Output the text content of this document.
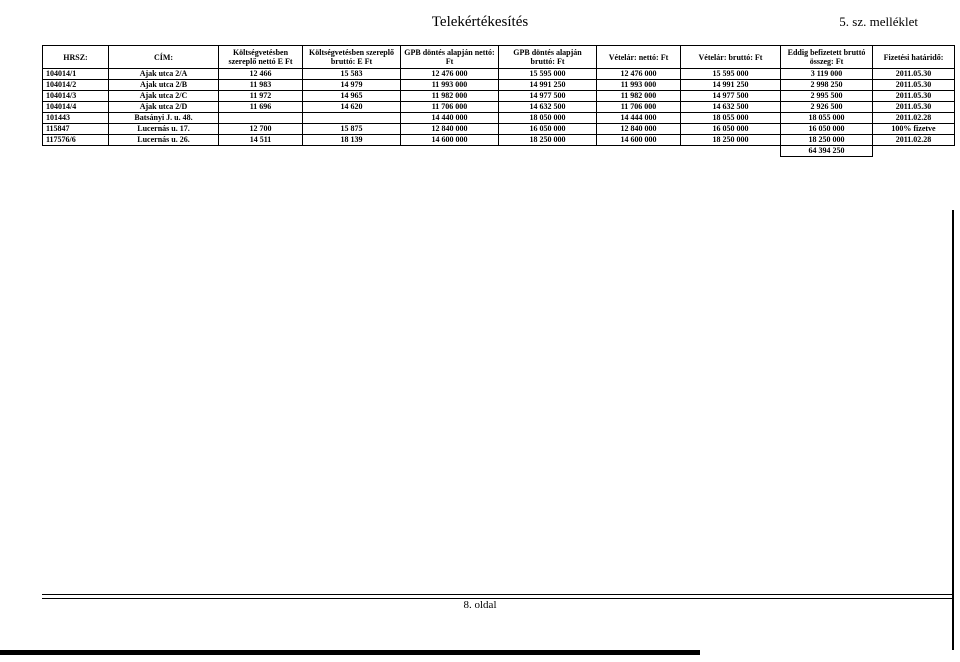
Telekértékesítés	5. sz. melléklet
HRSZ:	CÍM:	Költségvetésben szereplő nettó E Ft	Költségvetésben szereplő bruttó: E Ft	GPB döntés alapján nettó: Ft	GPB döntés alapján bruttó: Ft	Vételár: nettó: Ft	Vételár: bruttó: Ft	Eddig befizetett bruttó összeg: Ft	Fizetési határidő:
104014/1	Ajak utca 2/A	12 466	15 583	12 476 000	15 595 000	12 476 000	15 595 000	3 119 000	2011.05.30
104014/2	Ajak utca 2/B	11 983	14 979	11 993 000	14 991 250	11 993 000	14 991 250	2 998 250	2011.05.30
104014/3	Ajak utca 2/C	11 972	14 965	11 982 000	14 977 500	11 982 000	14 977 500	2 995 500	2011.05.30
104014/4	Ajak utca 2/D	11 696	14 620	11 706 000	14 632 500	11 706 000	14 632 500	2 926 500	2011.05.30
101443	Batsányi J. u. 48.			14 440 000	18 050 000	14 444 000	18 055 000	18 055 000	2011.02.28
115847	Lucernás u. 17.	12 700	15 875	12 840 000	16 050 000	12 840 000	16 050 000	16 050 000	100% fizetve
117576/6	Lucernás u. 26.	14 511	18 139	14 600 000	18 250 000	14 600 000	18 250 000	18 250 000	2011.02.28
								64 394 250	
8. oldal
